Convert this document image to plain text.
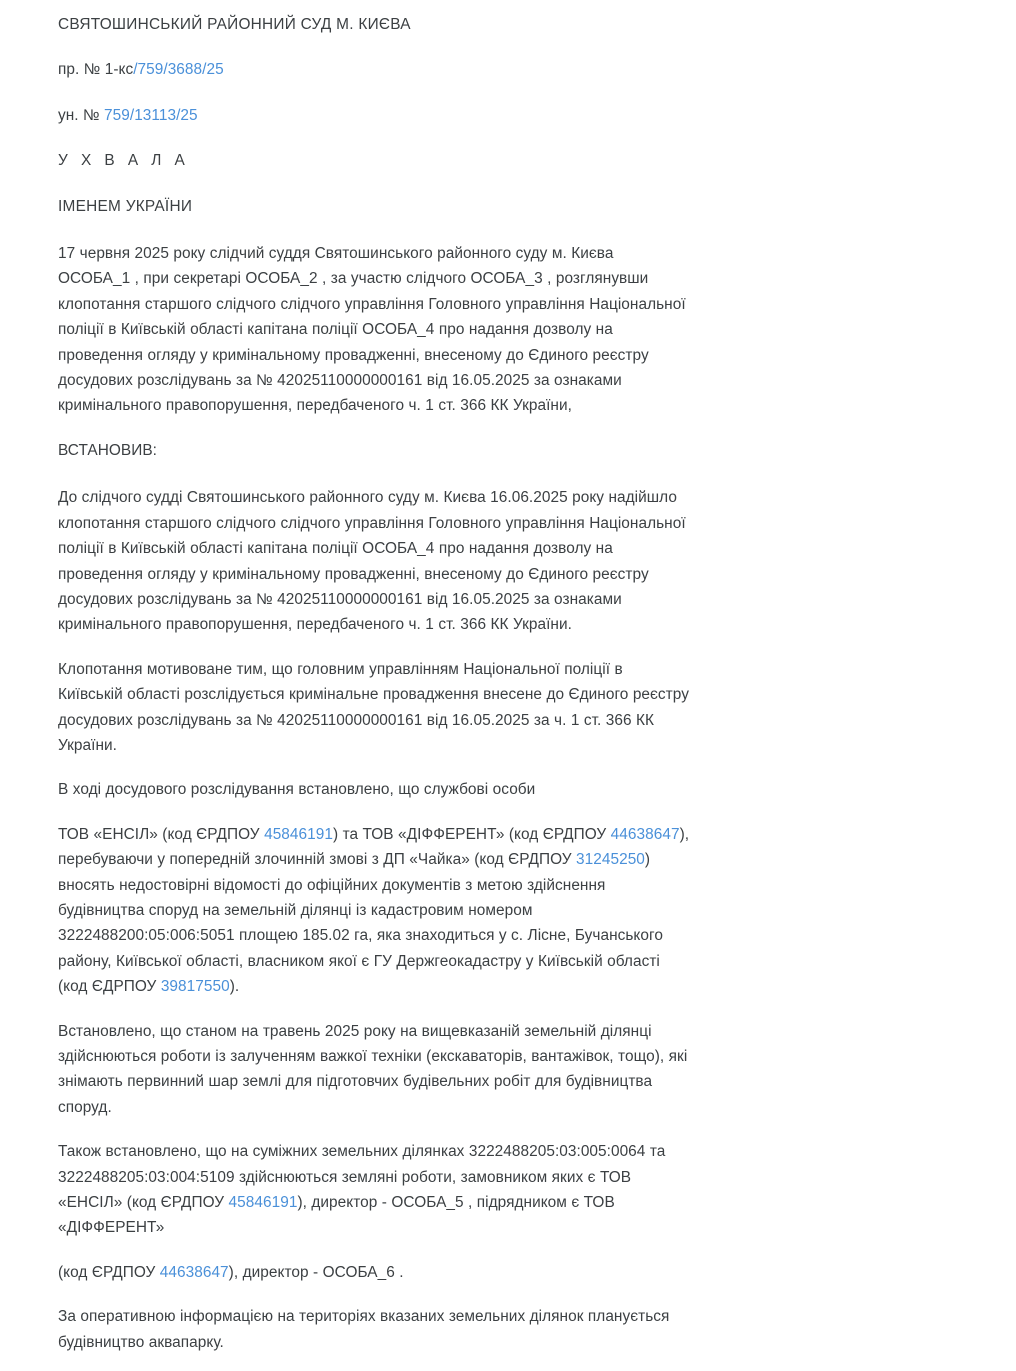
СВЯТОШИНСЬКИЙ РАЙОННИЙ СУД М. КИЄВА

пр. № 1-кс/759/3688/25

ун. № 759/13113/25

У Х В А Л А

ІМЕНЕМ УКРАЇНИ

17 червня 2025 року слідчий суддя Святошинського районного суду м. Києва ОСОБА_1 , при секретарі ОСОБА_2 , за участю слідчого ОСОБА_3 , розглянувши клопотання старшого слідчого слідчого управління Головного управління Національної поліції в Київській області капітана поліції ОСОБА_4 про надання дозволу на проведення огляду у кримінальному провадженні, внесеному до Єдиного реєстру досудових розслідувань за № 42025110000000161 від 16.05.2025 за ознаками кримінального правопорушення, передбаченого ч. 1 ст. 366 КК України,

ВСТАНОВИВ:

До слідчого судді Святошинського районного суду м. Києва 16.06.2025 року надійшло клопотання старшого слідчого слідчого управління Головного управління Національної поліції в Київській області капітана поліції ОСОБА_4 про надання дозволу на проведення огляду у кримінальному провадженні, внесеному до Єдиного реєстру досудових розслідувань за № 42025110000000161 від 16.05.2025 за ознаками кримінального правопорушення, передбаченого ч. 1 ст. 366 КК України.

Клопотання мотивоване тим, що головним управлінням Національної поліції в Київській області розслідується кримінальне провадження внесене до Єдиного реєстру досудових розслідувань за № 42025110000000161 від 16.05.2025 за ч. 1 ст. 366 КК України.

В ході досудового розслідування встановлено, що службові особи

ТОВ «ЕНСІЛ» (код ЄРДПОУ 45846191) та ТОВ «ДІФФЕРЕНТ» (код ЄРДПОУ 44638647), перебуваючи у попередній злочинній змові з ДП «Чайка» (код ЄРДПОУ 31245250) вносять недостовірні відомості до офіційних документів з метою здійснення будівництва споруд на земельній ділянці із кадастровим номером 3222488200:05:006:5051 площею 185.02 га, яка знаходиться у с. Лісне, Бучанського району, Київської області, власником якої є ГУ Держгеокадастру у Київській області (код ЄДРПОУ 39817550).

Встановлено, що станом на травень 2025 року на вищевказаній земельній ділянці здійснюються роботи із залученням важкої техніки (екскаваторів, вантажівок, тощо), які знімають первинний шар землі для підготовчих будівельних робіт для будівництва споруд.

Також встановлено, що на суміжних земельних ділянках 3222488205:03:005:0064 та 3222488205:03:004:5109 здійснюються земляні роботи, замовником яких є ТОВ «ЕНСІЛ» (код ЄРДПОУ 45846191), директор - ОСОБА_5 , підрядником є ТОВ «ДІФФЕРЕНТ»

(код ЄРДПОУ 44638647), директор - ОСОБА_6 .

За оперативною інформацією на територіях вказаних земельних ділянок планується будівництво аквапарку.
